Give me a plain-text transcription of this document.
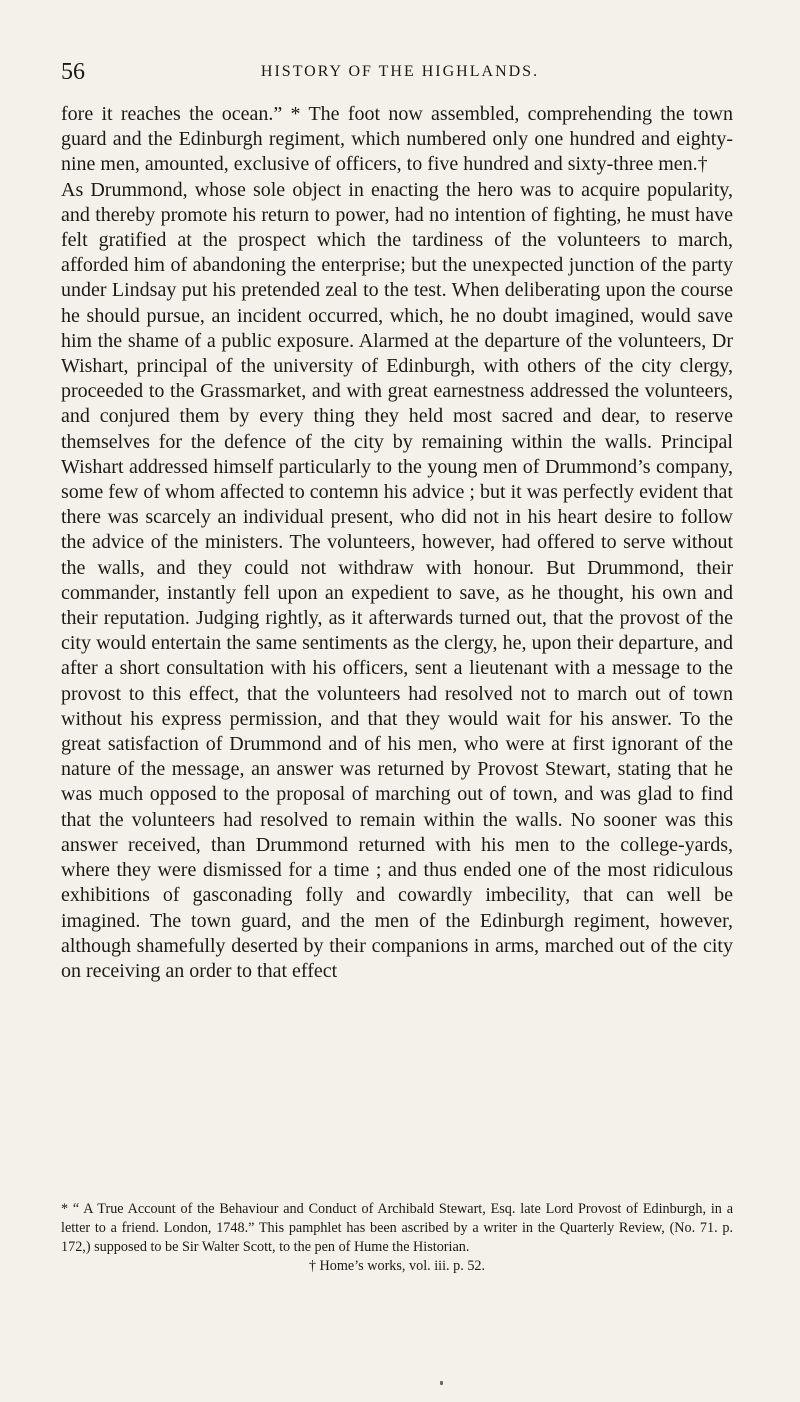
56	HISTORY OF THE HIGHLANDS.

fore it reaches the ocean.” * The foot now assembled, comprehending the town guard and the Edinburgh regiment, which numbered only one hundred and eighty-nine men, amounted, exclusive of officers, to five hundred and sixty-three men.†

As Drummond, whose sole object in enacting the hero was to acquire popularity, and thereby promote his return to power, had no intention of fighting, he must have felt gratified at the prospect which the tardiness of the volunteers to march, afforded him of abandoning the enterprise; but the unexpected junction of the party under Lindsay put his pretended zeal to the test. When deliberating upon the course he should pursue, an incident occurred, which, he no doubt imagined, would save him the shame of a public exposure. Alarmed at the departure of the volunteers, Dr Wishart, principal of the university of Edinburgh, with others of the city clergy, proceeded to the Grassmarket, and with great earnestness addressed the volunteers, and conjured them by every thing they held most sacred and dear, to reserve themselves for the defence of the city by remaining within the walls. Principal Wishart addressed himself particularly to the young men of Drummond’s company, some few of whom affected to contemn his advice ; but it was perfectly evident that there was scarcely an individual present, who did not in his heart desire to follow the advice of the ministers. The volunteers, however, had offered to serve without the walls, and they could not withdraw with honour. But Drummond, their commander, instantly fell upon an expedient to save, as he thought, his own and their reputation. Judging rightly, as it afterwards turned out, that the provost of the city would entertain the same sentiments as the clergy, he, upon their departure, and after a short consultation with his officers, sent a lieutenant with a message to the provost to this effect, that the volunteers had resolved not to march out of town without his express permission, and that they would wait for his answer. To the great satisfaction of Drummond and of his men, who were at first ignorant of the nature of the message, an answer was returned by Provost Stewart, stating that he was much opposed to the proposal of marching out of town, and was glad to find that the volunteers had resolved to remain within the walls. No sooner was this answer received, than Drummond returned with his men to the college-yards, where they were dismissed for a time ; and thus ended one of the most ridiculous exhibitions of gasconading folly and cowardly imbecility, that can well be imagined. The town guard, and the men of the Edinburgh regiment, however, although shamefully deserted by their companions in arms, marched out of the city on receiving an order to that effect

* “ A True Account of the Behaviour and Conduct of Archibald Stewart, Esq. late Lord Provost of Edinburgh, in a letter to a friend. London, 1748.” This pamphlet has been ascribed by a writer in the Quarterly Review, (No. 71. p. 172,) supposed to be Sir Walter Scott, to the pen of Hume the Historian.

† Home’s works, vol. iii. p. 52.
